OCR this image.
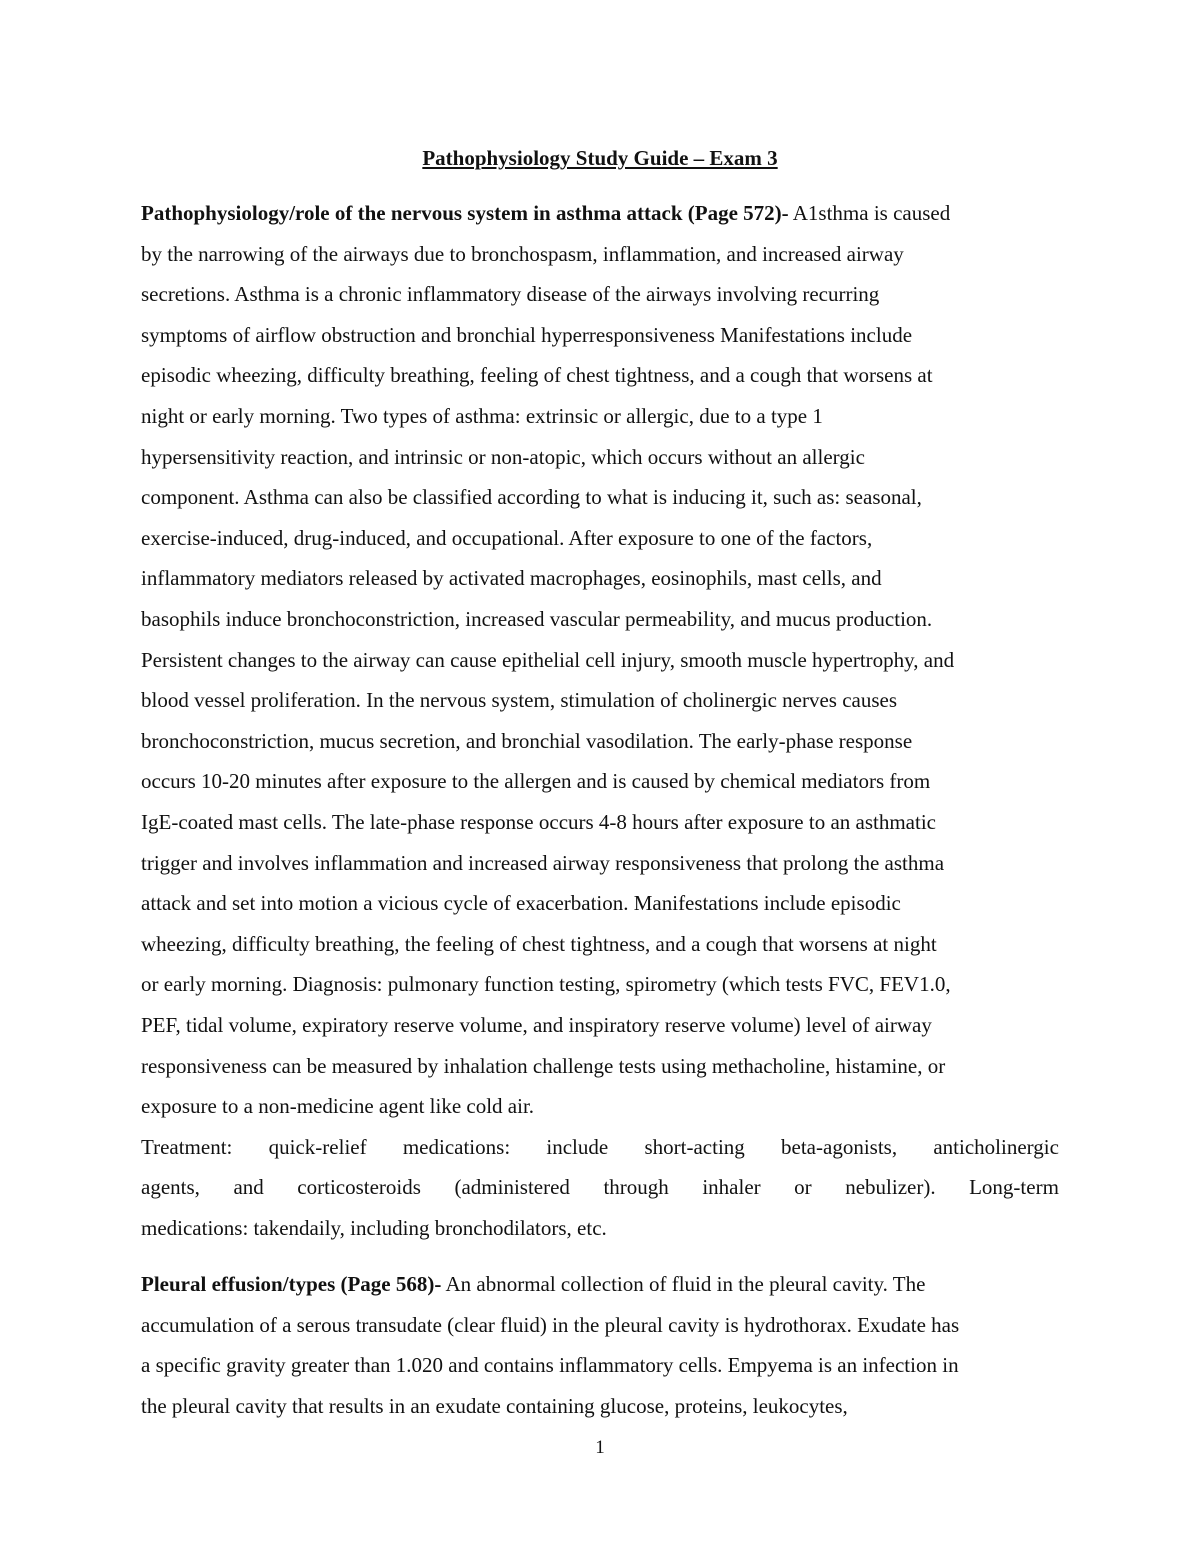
Pathophysiology Study Guide – Exam 3
Pathophysiology/role of the nervous system in asthma attack (Page 572)- A1sthma is caused
by the narrowing of the airways due to bronchospasm, inflammation, and increased airway
secretions. Asthma is a chronic inflammatory disease of the airways involving recurring
symptoms of airflow obstruction and bronchial hyperresponsiveness Manifestations include
episodic wheezing, difficulty breathing, feeling of chest tightness, and a cough that worsens at
night or early morning. Two types of asthma: extrinsic or allergic, due to a type 1
hypersensitivity reaction, and intrinsic or non-atopic, which occurs without an allergic
component. Asthma can also be classified according to what is inducing it, such as: seasonal,
exercise-induced, drug-induced, and occupational. After exposure to one of the factors,
inflammatory mediators released by activated macrophages, eosinophils, mast cells, and
basophils induce bronchoconstriction, increased vascular permeability, and mucus production.
Persistent changes to the airway can cause epithelial cell injury, smooth muscle hypertrophy, and
blood vessel proliferation. In the nervous system, stimulation of cholinergic nerves causes
bronchoconstriction, mucus secretion, and bronchial vasodilation. The early-phase response
occurs 10-20 minutes after exposure to the allergen and is caused by chemical mediators from
IgE-coated mast cells. The late-phase response occurs 4-8 hours after exposure to an asthmatic
trigger and involves inflammation and increased airway responsiveness that prolong the asthma
attack and set into motion a vicious cycle of exacerbation. Manifestations include episodic
wheezing, difficulty breathing, the feeling of chest tightness, and a cough that worsens at night
or early morning. Diagnosis: pulmonary function testing, spirometry (which tests FVC, FEV1.0,
PEF, tidal volume, expiratory reserve volume, and inspiratory reserve volume) level of airway
responsiveness can be measured by inhalation challenge tests using methacholine, histamine, or
exposure to a non-medicine agent like cold air.
Treatment: quick-relief medications: include short-acting beta-agonists, anticholinergic
agents, and corticosteroids (administered through inhaler or nebulizer). Long-term
medications: takendaily, including bronchodilators, etc.
Pleural effusion/types (Page 568)- An abnormal collection of fluid in the pleural cavity. The
accumulation of a serous transudate (clear fluid) in the pleural cavity is hydrothorax. Exudate has
a specific gravity greater than 1.020 and contains inflammatory cells. Empyema is an infection in
the pleural cavity that results in an exudate containing glucose, proteins, leukocytes,
1
